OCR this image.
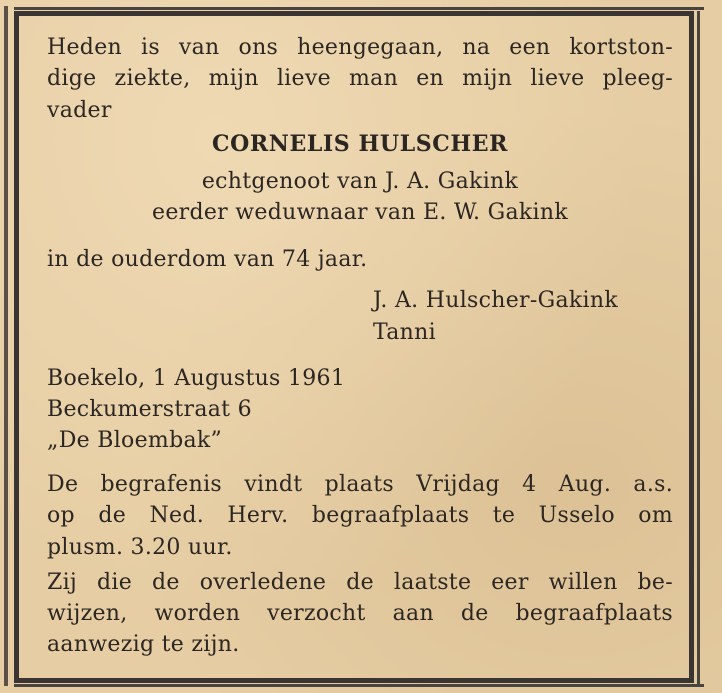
Heden is van ons heengegaan, na een kortston-
dige ziekte, mijn lieve man en mijn lieve pleeg-
vader
CORNELIS HULSCHER
echtgenoot van J. A. Gakink
eerder weduwnaar van E. W. Gakink
in de ouderdom van 74 jaar.
J. A. Hulscher-Gakink
Tanni
Boekelo, 1 Augustus 1961
Beckumerstraat 6
„De Bloembak”
De begrafenis vindt plaats Vrijdag 4 Aug. a.s.
op de Ned. Herv. begraafplaats te Usselo om
plusm. 3.20 uur.
Zij die de overledene de laatste eer willen be-
wijzen, worden verzocht aan de begraafplaats
aanwezig te zijn.
